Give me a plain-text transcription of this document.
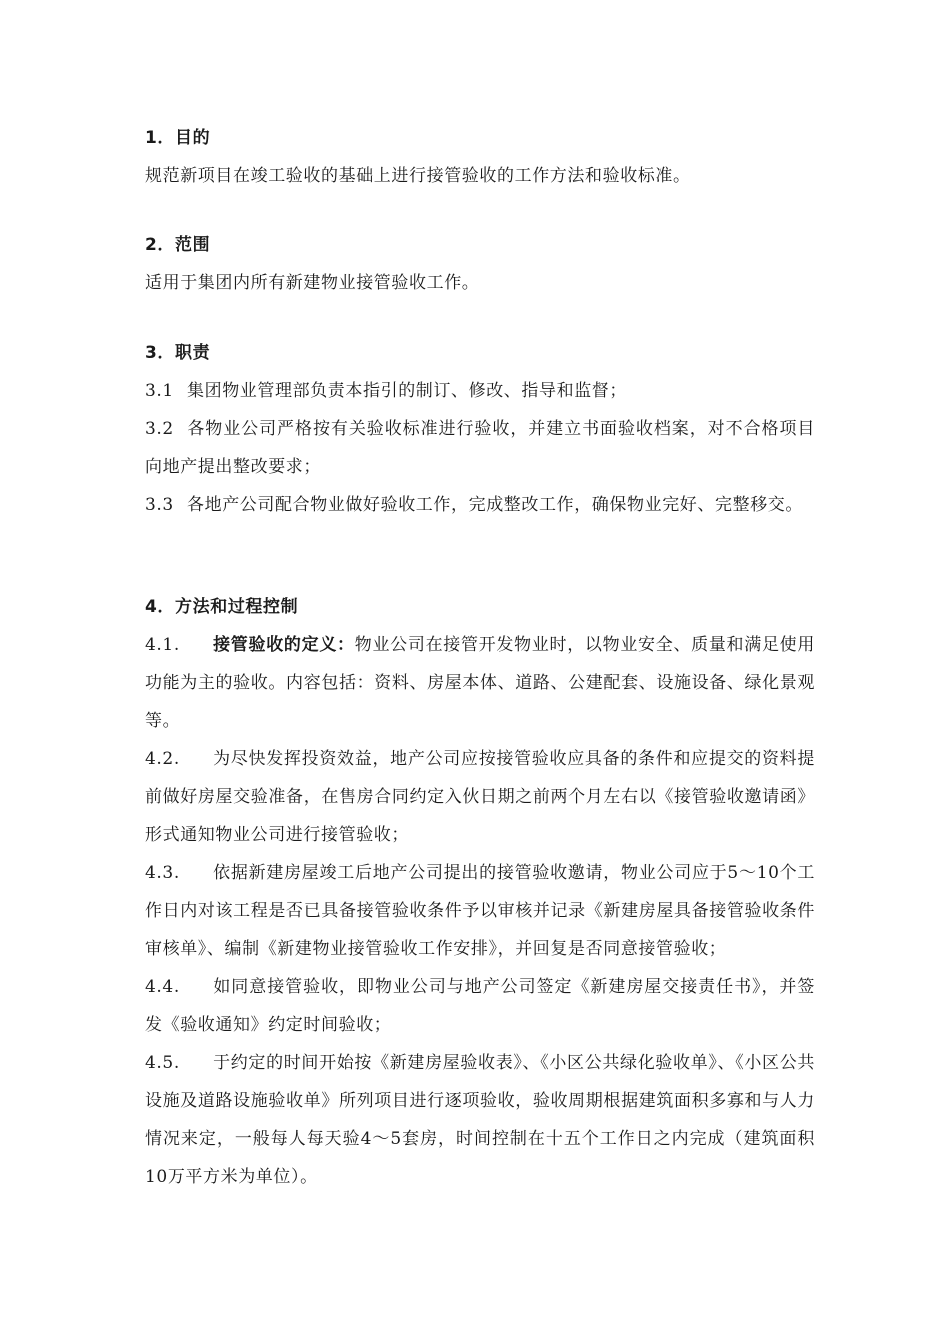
1．目的

规范新项目在竣工验收的基础上进行接管验收的工作方法和验收标准。

2．范围

适用于集团内所有新建物业接管验收工作。

3．职责

3.1 集团物业管理部负责本指引的制订、修改、指导和监督；

3.2 各物业公司严格按有关验收标准进行验收，并建立书面验收档案，对不合格项目向地产提出整改要求；

3.3 各地产公司配合物业做好验收工作，完成整改工作，确保物业完好、完整移交。

4．方法和过程控制

4.1. 接管验收的定义：物业公司在接管开发物业时，以物业安全、质量和满足使用功能为主的验收。内容包括：资料、房屋本体、道路、公建配套、设施设备、绿化景观等。

4.2. 为尽快发挥投资效益，地产公司应按接管验收应具备的条件和应提交的资料提前做好房屋交验准备，在售房合同约定入伙日期之前两个月左右以《接管验收邀请函》形式通知物业公司进行接管验收；

4.3. 依据新建房屋竣工后地产公司提出的接管验收邀请，物业公司应于5～10个工作日内对该工程是否已具备接管验收条件予以审核并记录《新建房屋具备接管验收条件审核单》、编制《新建物业接管验收工作安排》，并回复是否同意接管验收；

4.4. 如同意接管验收，即物业公司与地产公司签定《新建房屋交接责任书》，并签发《验收通知》约定时间验收；

4.5. 于约定的时间开始按《新建房屋验收表》、《小区公共绿化验收单》、《小区公共设施及道路设施验收单》所列项目进行逐项验收，验收周期根据建筑面积多寡和与人力情况来定，一般每人每天验4～5套房，时间控制在十五个工作日之内完成（建筑面积10万平方米为单位）。
